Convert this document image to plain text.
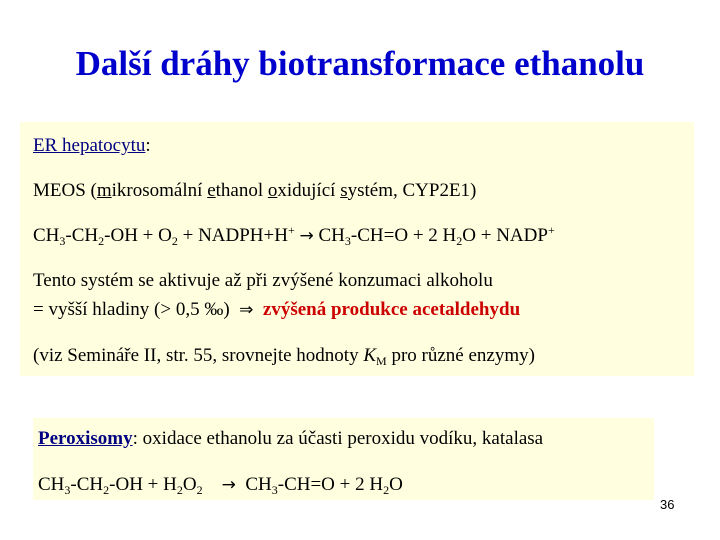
Další dráhy biotransformace ethanolu
ER hepatocytu:
MEOS (mikrosomální ethanol oxidující systém, CYP2E1)
$CH_3-CH_2-OH + O_2$ + NADPH+H+ → $CH_3-CH=O + 2$ $H_2O$ + NADP+
Tento systém se aktivuje až při zvýšené konzumaci alkoholu
= vyšší hladiny (> 0,5 ‰) ⇒ zvýšená produkce acetaldehydu
(viz Semináře II, str. 55, srovnejte hodnoty $K_M$ pro různé enzymy)
Peroxisomy: oxidace ethanolu za účasti peroxidu vodíku, katalasa
$CH_3-CH_2-OH + H_2O_2 \to CH_3-CH=O + 2$ $H_2O$
36
